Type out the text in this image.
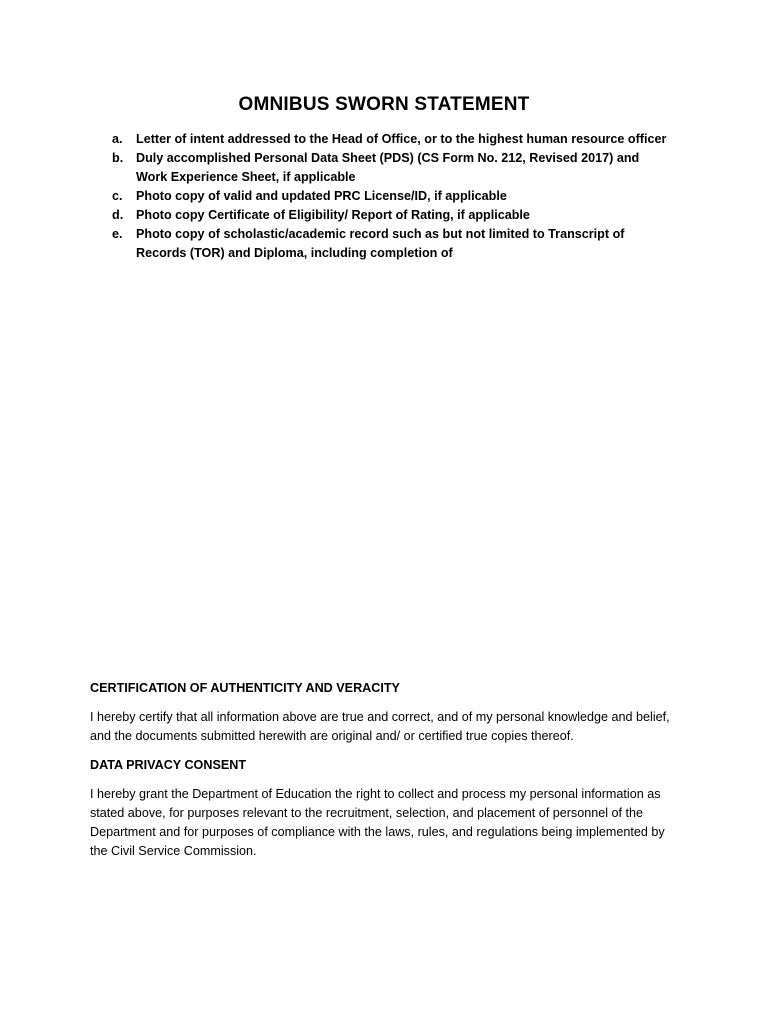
OMNIBUS SWORN STATEMENT
a.	Letter of intent addressed to the Head of Office, or to the highest human resource officer
b.	Duly accomplished Personal Data Sheet (PDS) (CS Form No. 212, Revised 2017) and Work Experience Sheet, if applicable
c.	Photo copy of valid and updated PRC License/ID, if applicable
d.	Photo copy Certificate of Eligibility/ Report of Rating, if applicable
e.	Photo copy of scholastic/academic record such as but not limited to Transcript of Records (TOR) and Diploma, including completion of
CERTIFICATION OF AUTHENTICITY AND VERACITY
I hereby certify that all information above are true and correct, and of my personal knowledge and belief, and the documents submitted herewith are original and/ or certified true copies thereof.
DATA PRIVACY CONSENT
I hereby grant the Department of Education the right to collect and process my personal information as stated above, for purposes relevant to the recruitment, selection, and placement of personnel of the Department and for purposes of compliance with the laws, rules, and regulations being implemented by the Civil Service Commission.
